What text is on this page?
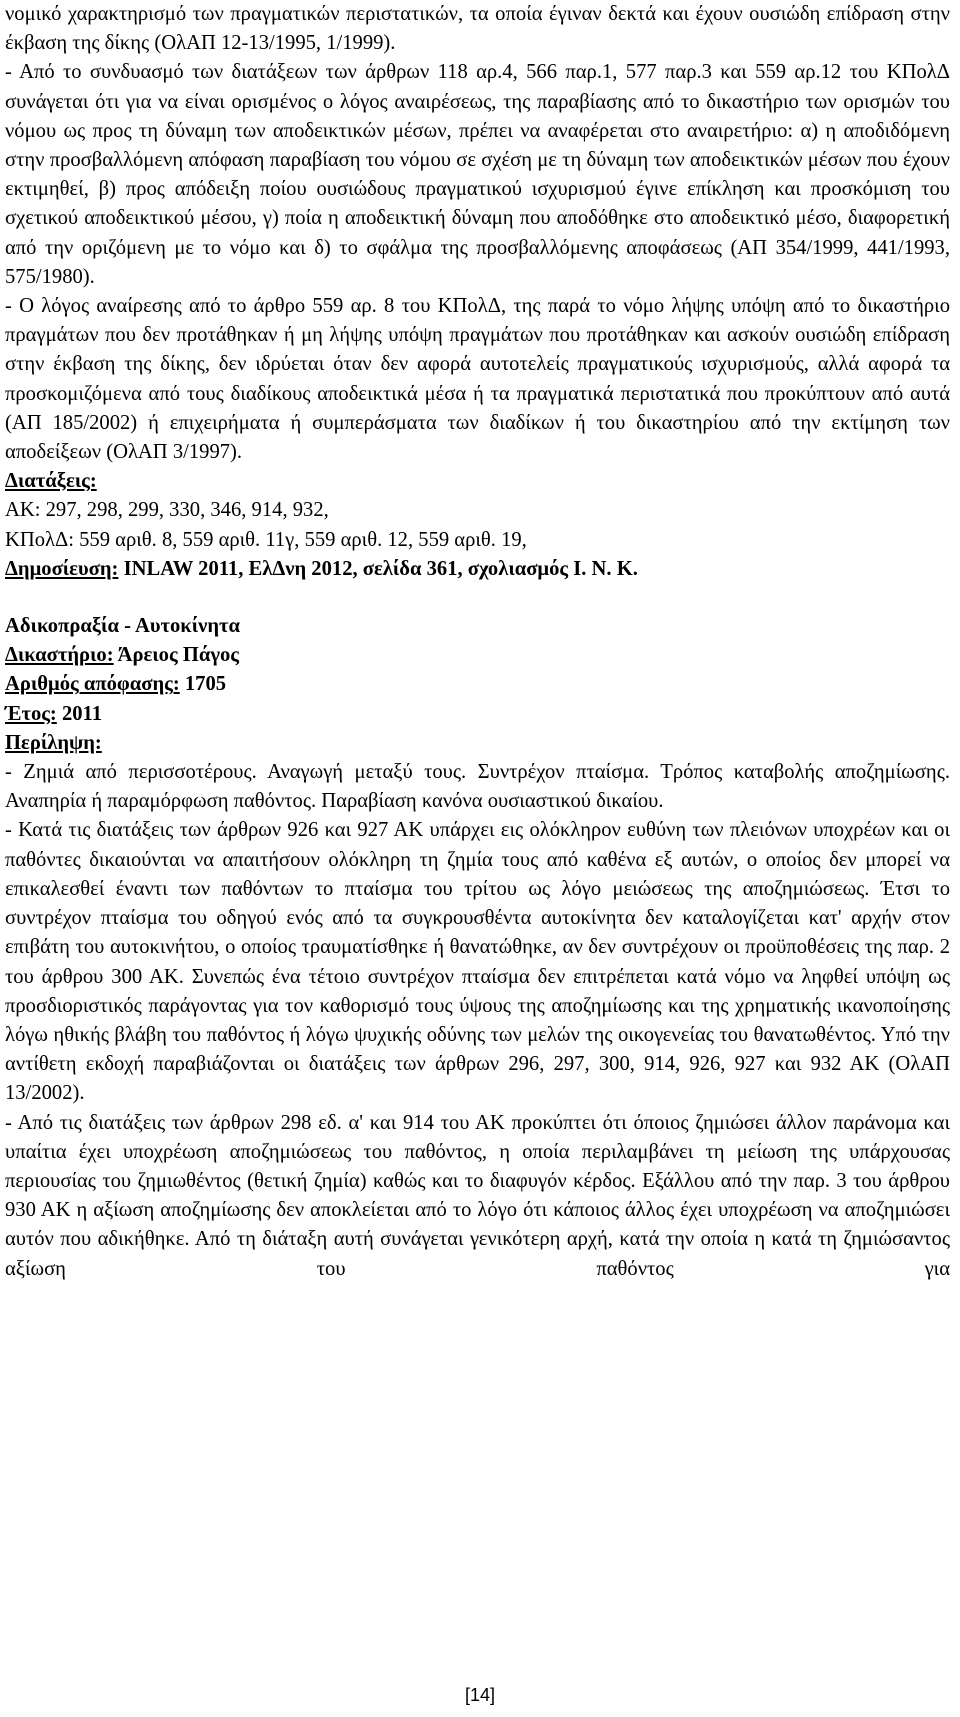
νομικό χαρακτηρισμό των πραγματικών περιστατικών, τα οποία έγιναν δεκτά και έχουν ουσιώδη επίδραση στην έκβαση της δίκης (ΟλΑΠ 12-13/1995, 1/1999).

- Από το συνδυασμό των διατάξεων των άρθρων 118 αρ.4, 566 παρ.1, 577 παρ.3 και 559 αρ.12 του ΚΠολΔ συνάγεται ότι για να είναι ορισμένος ο λόγος αναιρέσεως, της παραβίασης από το δικαστήριο των ορισμών του νόμου ως προς τη δύναμη των αποδεικτικών μέσων, πρέπει να αναφέρεται στο αναιρετήριο: α) η αποδιδόμενη στην προσβαλλόμενη απόφαση παραβίαση του νόμου σε σχέση με τη δύναμη των αποδεικτικών μέσων που έχουν εκτιμηθεί, β) προς απόδειξη ποίου ουσιώδους πραγματικού ισχυρισμού έγινε επίκληση και προσκόμιση του σχετικού αποδεικτικού μέσου, γ) ποία η αποδεικτική δύναμη που αποδόθηκε στο αποδεικτικό μέσο, διαφορετική από την οριζόμενη με το νόμο και δ) το σφάλμα της προσβαλλόμενης αποφάσεως (ΑΠ 354/1999, 441/1993, 575/1980).

- Ο λόγος αναίρεσης από το άρθρο 559 αρ. 8 του ΚΠολΔ, της παρά το νόμο λήψης υπόψη από το δικαστήριο πραγμάτων που δεν προτάθηκαν ή μη λήψης υπόψη πραγμάτων που προτάθηκαν και ασκούν ουσιώδη επίδραση στην έκβαση της δίκης, δεν ιδρύεται όταν δεν αφορά αυτοτελείς πραγματικούς ισχυρισμούς, αλλά αφορά τα προσκομιζόμενα από τους διαδίκους αποδεικτικά μέσα ή τα πραγματικά περιστατικά που προκύπτουν από αυτά (ΑΠ 185/2002) ή επιχειρήματα ή συμπεράσματα των διαδίκων ή του δικαστηρίου από την εκτίμηση των αποδείξεων (ΟλΑΠ 3/1997).

Διατάξεις:

ΑΚ: 297, 298, 299, 330, 346, 914, 932,

ΚΠολΔ: 559 αριθ. 8, 559 αριθ. 11γ, 559 αριθ. 12, 559 αριθ. 19,

Δημοσίευση: INLAW 2011, ΕλΔνη 2012, σελίδα 361, σχολιασμός Ι. Ν. Κ.

Αδικοπραξία - Αυτοκίνητα

Δικαστήριο: Άρειος Πάγος

Αριθμός απόφασης: 1705

Έτος: 2011

Περίληψη:

- Ζημιά από περισσοτέρους. Αναγωγή μεταξύ τους. Συντρέχον πταίσμα. Τρόπος καταβολής αποζημίωσης. Αναπηρία ή παραμόρφωση παθόντος. Παραβίαση κανόνα ουσιαστικού δικαίου.

- Κατά τις διατάξεις των άρθρων 926 και 927 ΑΚ υπάρχει εις ολόκληρον ευθύνη των πλειόνων υποχρέων και οι παθόντες δικαιούνται να απαιτήσουν ολόκληρη τη ζημία τους από καθένα εξ αυτών, ο οποίος δεν μπορεί να επικαλεσθεί έναντι των παθόντων το πταίσμα του τρίτου ως λόγο μειώσεως της αποζημιώσεως. Έτσι το συντρέχον πταίσμα του οδηγού ενός από τα συγκρουσθέντα αυτοκίνητα δεν καταλογίζεται κατ' αρχήν στον επιβάτη του αυτοκινήτου, ο οποίος τραυματίσθηκε ή θανατώθηκε, αν δεν συντρέχουν οι προϋποθέσεις της παρ. 2 του άρθρου 300 ΑΚ. Συνεπώς ένα τέτοιο συντρέχον πταίσμα δεν επιτρέπεται κατά νόμο να ληφθεί υπόψη ως προσδιοριστικός παράγοντας για τον καθορισμό τους ύψους της αποζημίωσης και της χρηματικής ικανοποίησης λόγω ηθικής βλάβη του παθόντος ή λόγω ψυχικής οδύνης των μελών της οικογενείας του θανατωθέντος. Υπό την αντίθετη εκδοχή παραβιάζονται οι διατάξεις των άρθρων 296, 297, 300, 914, 926, 927 και 932 ΑΚ (ΟλΑΠ 13/2002).

- Από τις διατάξεις των άρθρων 298 εδ. α' και 914 του ΑΚ προκύπτει ότι όποιος ζημιώσει άλλον παράνομα και υπαίτια έχει υποχρέωση αποζημιώσεως του παθόντος, η οποία περιλαμβάνει τη μείωση της υπάρχουσας περιουσίας του ζημιωθέντος (θετική ζημία) καθώς και το διαφυγόν κέρδος. Εξάλλου από την παρ. 3 του άρθρου 930 ΑΚ η αξίωση αποζημίωσης δεν αποκλείεται από το λόγο ότι κάποιος άλλος έχει υποχρέωση να αποζημιώσει αυτόν που αδικήθηκε. Από τη διάταξη αυτή συνάγεται γενικότερη αρχή, κατά την οποία η κατά τη ζημιώσαντος αξίωση του παθόντος για

[14]
